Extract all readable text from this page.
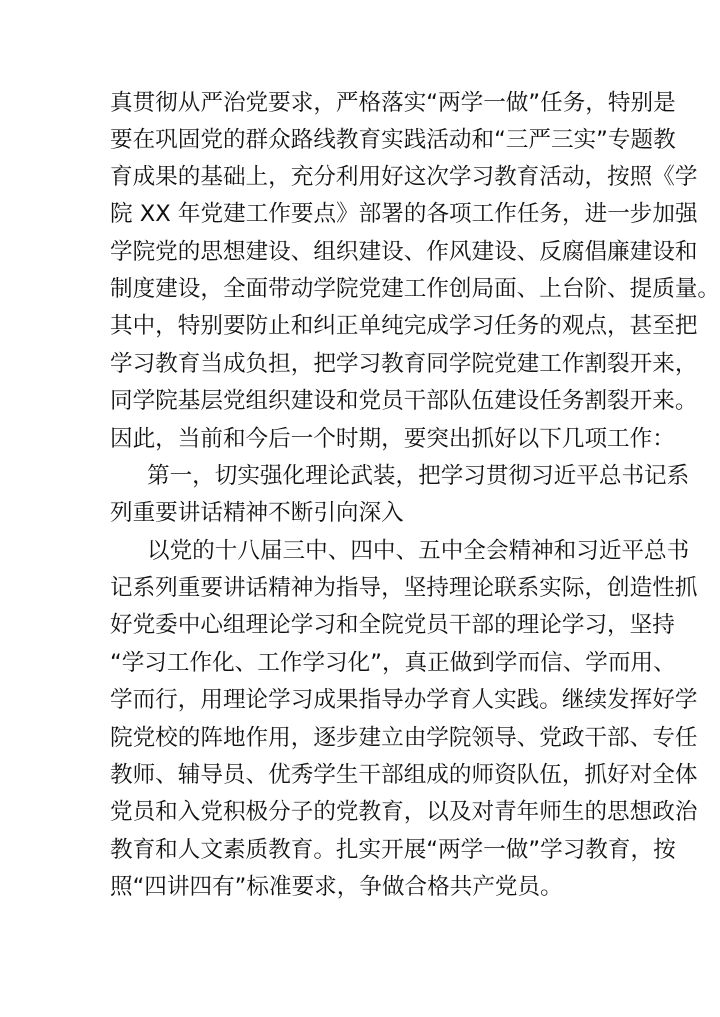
真贯彻从严治党要求，严格落实“两学一做”任务，特别是
要在巩固党的群众路线教育实践活动和“三严三实”专题教
育成果的基础上，充分利用好这次学习教育活动，按照《学
院 XX 年党建工作要点》部署的各项工作任务，进一步加强
学院党的思想建设、组织建设、作风建设、反腐倡廉建设和
制度建设，全面带动学院党建工作创局面、上台阶、提质量。
其中，特别要防止和纠正单纯完成学习任务的观点，甚至把
学习教育当成负担，把学习教育同学院党建工作割裂开来，
同学院基层党组织建设和党员干部队伍建设任务割裂开来。
因此，当前和今后一个时期，要突出抓好以下几项工作：
第一，切实强化理论武装，把学习贯彻习近平总书记系
列重要讲话精神不断引向深入
以党的十八届三中、四中、五中全会精神和习近平总书
记系列重要讲话精神为指导，坚持理论联系实际，创造性抓
好党委中心组理论学习和全院党员干部的理论学习，坚持
“学习工作化、工作学习化”，真正做到学而信、学而用、
学而行，用理论学习成果指导办学育人实践。继续发挥好学
院党校的阵地作用，逐步建立由学院领导、党政干部、专任
教师、辅导员、优秀学生干部组成的师资队伍，抓好对全体
党员和入党积极分子的党教育，以及对青年师生的思想政治
教育和人文素质教育。扎实开展“两学一做”学习教育，按
照“四讲四有”标准要求，争做合格共产党员。
